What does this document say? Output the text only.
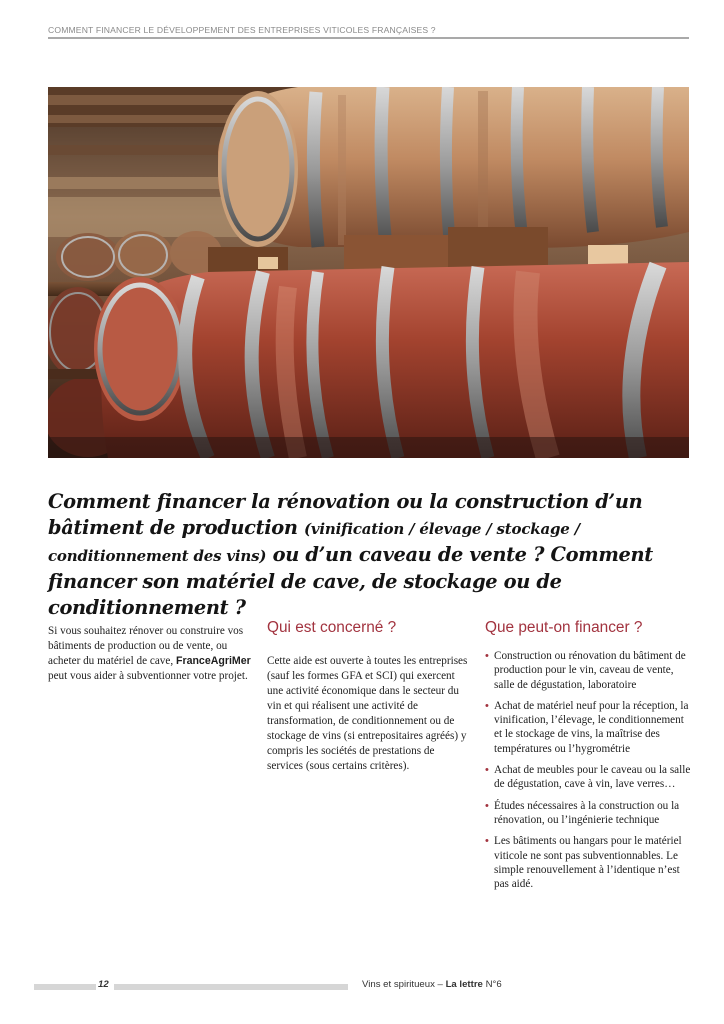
COMMENT FINANCER LE DÉVELOPPEMENT DES ENTREPRISES VITICOLES FRANÇAISES ?
Comment financer la rénovation ou la construction d’un bâtiment de production (vinification / élevage / stockage / conditionnement des vins) ou d’un caveau de vente ? Comment financer son matériel de cave, de stockage ou de conditionnement ?

Si vous souhaitez rénover ou construire vos bâtiments de production ou de vente, ou acheter du matériel de cave, FranceAgriMer peut vous aider à subventionner votre projet.

Qui est concerné ?

Cette aide est ouverte à toutes les entreprises (sauf les formes GFA et SCI) qui exercent une activité économique dans le secteur du vin et qui réalisent une activité de transformation, de conditionnement ou de stockage de vins (si entrepositaires agréés) y compris les sociétés de prestations de services (sous certains critères).

Que peut-on financer ?
• Construction ou rénovation du bâtiment de production pour le vin, caveau de vente, salle de dégustation, laboratoire
• Achat de matériel neuf pour la réception, la vinification, l’élevage, le conditionnement et le stockage de vins, la maîtrise des températures ou l’hygrométrie
• Achat de meubles pour le caveau ou la salle de dégustation, cave à vin, lave verres…
• Études nécessaires à la construction ou la rénovation, ou l’ingénierie technique
• Les bâtiments ou hangars pour le matériel viticole ne sont pas subventionnables. Le simple renouvellement à l’identique n’est pas aidé.
12	Vins et spiritueux – La lettre N°6
